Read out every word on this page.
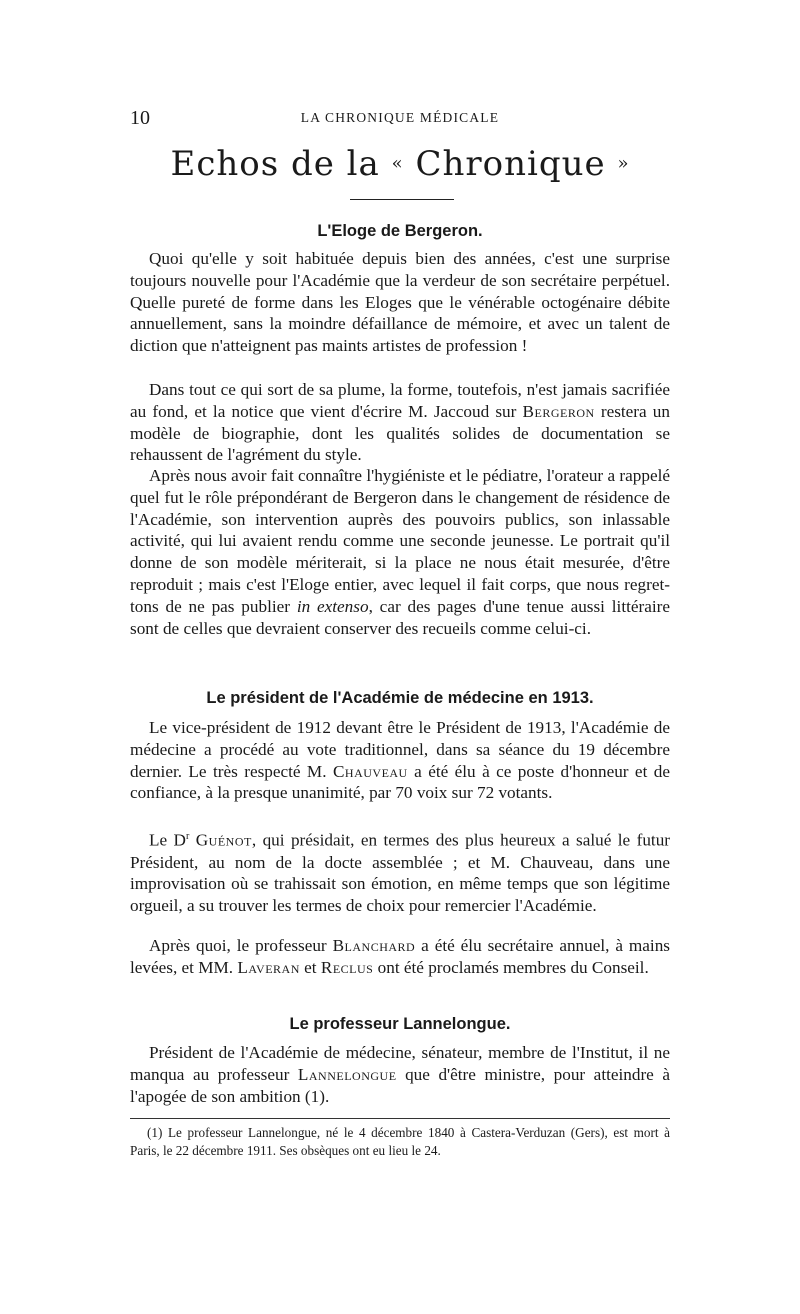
10	LA CHRONIQUE MÉDICALE
Echos de la « Chronique »
L'Eloge de Bergeron.

Quoi qu'elle y soit habituée depuis bien des années, c'est une surprise toujours nouvelle pour l'Académie que la verdeur de son secrétaire perpétuel. Quelle pureté de forme dans les Eloges que le vénérable octogénaire débite annuellement, sans la moindre défaillance de mémoire, et avec un talent de diction que n'atteignent pas maints artistes de profession !

Dans tout ce qui sort de sa plume, la forme, toutefois, n'est jamais sacrifiée au fond, et la notice que vient d'écrire M. Jaccoud sur Bergeron restera un modèle de biographie, dont les qualités solides de documentation se rehaussent de l'agrément du style.

Après nous avoir fait connaître l'hygiéniste et le pédiatre, l'orateur a rappelé quel fut le rôle prépondérant de Bergeron dans le changement de résidence de l'Académie, son intervention auprès des pouvoirs publics, son inlassable activité, qui lui avaient rendu comme une seconde jeunesse. Le portrait qu'il donne de son modèle mériterait, si la place ne nous était mesurée, d'être reproduit ; mais c'est l'Eloge entier, avec lequel il fait corps, que nous regrettons de ne pas publier in extenso, car des pages d'une tenue aussi littéraire sont de celles que devraient conserver des recueils comme celui-ci.

Le président de l'Académie de médecine en 1913.

Le vice-président de 1912 devant être le Président de 1913, l'Académie de médecine a procédé au vote traditionnel, dans sa séance du 19 décembre dernier. Le très respecté M. Chauveau a été élu à ce poste d'honneur et de confiance, à la presque unanimité, par 70 voix sur 72 votants.

Le $D^r$ Guénot, qui présidait, en termes des plus heureux a salué le futur Président, au nom de la docte assemblée ; et M. Chauveau, dans une improvisation où se trahissait son émotion, en même temps que son légitime orgueil, a su trouver les termes de choix pour remercier l'Académie.

Après quoi, le professeur Blanchard a été élu secrétaire annuel, à mains levées, et MM. Laveran et Reclus ont été proclamés membres du Conseil.

Le professeur Lannelongue.

Président de l'Académie de médecine, sénateur, membre de l'Institut, il ne manqua au professeur Lannelongue que d'être ministre, pour atteindre à l'apogée de son ambition (1).

(1) Le professeur Lannelongue, né le 4 décembre 1840 à Castera-Verduzan (Gers), est mort à Paris, le 22 décembre 1911. Ses obsèques ont eu lieu le 24.
